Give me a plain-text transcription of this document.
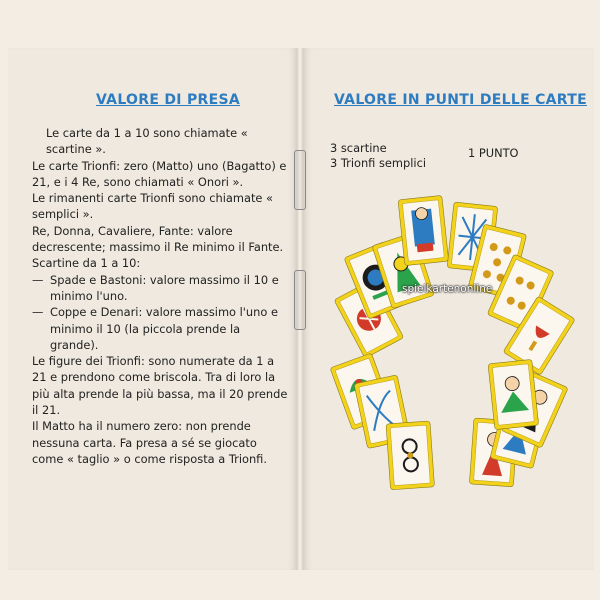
VALORE DI PRESA	VALORE IN PUNTI DELLE CARTE

Le carte da 1 a 10 sono chiamate « scartine ».

Le carte Trionfi: zero (Matto) uno (Bagatto) e 21, e i 4 Re, sono chiamati « Onori ».

Le rimanenti carte Trionfi sono chiamate « semplici ».

Re, Donna, Cavaliere, Fante: valore decrescente; massimo il Re minimo il Fante.

Scartine da 1 a 10:

— Spade e Bastoni: valore massimo il 10 e minimo l'uno.

— Coppe e Denari: valore massimo l'uno e minimo il 10 (la piccola prende la grande).

Le figure dei Trionfi: sono numerate da 1 a 21 e prendono come briscola. Tra di loro la più alta prende la più bassa, ma il 20 prende il 21.

Il Matto ha il numero zero: non prende nessuna carta. Fa presa a sé se giocato come « taglio » o come risposta a Trionfi.

3 scartine
3 Trionfi semplici
1 PUNTO
spielkartenonline
